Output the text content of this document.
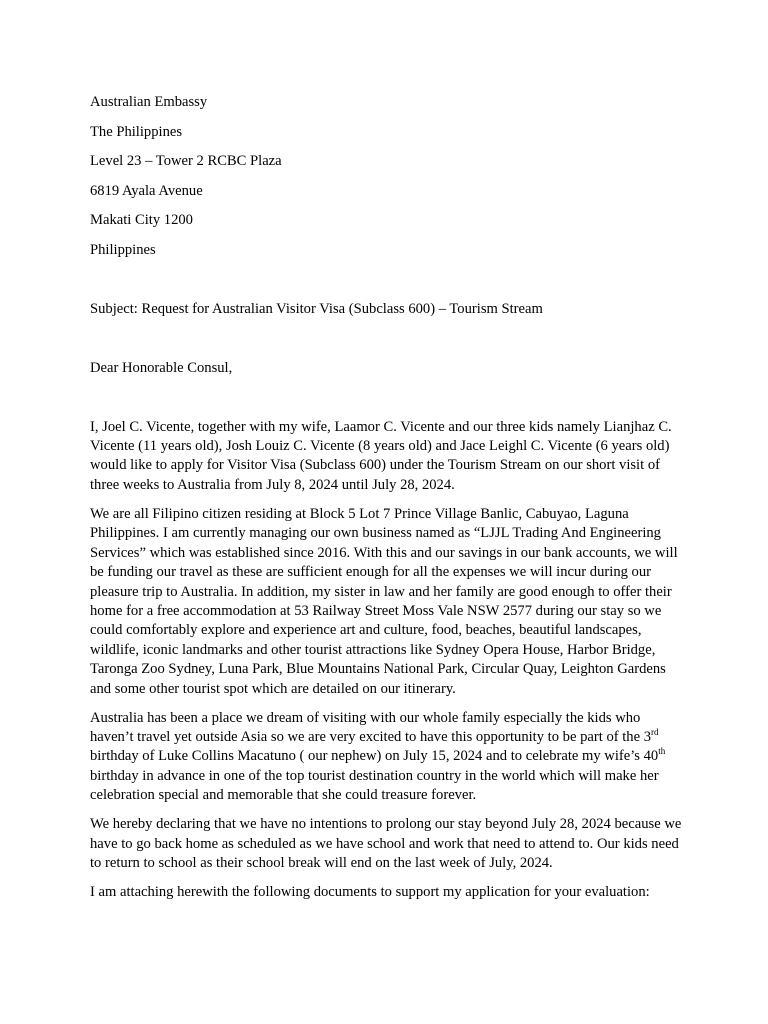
Australian Embassy
The Philippines
Level 23 – Tower 2 RCBC Plaza
6819 Ayala Avenue
Makati City 1200
Philippines

Subject: Request for Australian Visitor Visa (Subclass 600) – Tourism Stream

Dear Honorable Consul,

I, Joel C. Vicente, together with my wife, Laamor C. Vicente and our three kids namely Lianjhaz C. Vicente (11 years old), Josh Louiz C. Vicente (8 years old) and Jace Leighl C. Vicente (6 years old) would like to apply for Visitor Visa (Subclass 600) under the Tourism Stream on our short visit of three weeks to Australia from July 8, 2024 until July 28, 2024.

We are all Filipino citizen residing at Block 5 Lot 7 Prince Village Banlic, Cabuyao, Laguna Philippines. I am currently managing our own business named as “LJJL Trading And Engineering Services” which was established since 2016. With this and our savings in our bank accounts, we will be funding our travel as these are sufficient enough for all the expenses we will incur during our pleasure trip to Australia. In addition, my sister in law and her family are good enough to offer their home for a free accommodation at 53 Railway Street Moss Vale NSW 2577 during our stay so we could comfortably explore and experience art and culture, food, beaches, beautiful landscapes, wildlife, iconic landmarks and other tourist attractions like Sydney Opera House, Harbor Bridge, Taronga Zoo Sydney, Luna Park, Blue Mountains National Park, Circular Quay, Leighton Gardens and some other tourist spot which are detailed on our itinerary.

Australia has been a place we dream of visiting with our whole family especially the kids who haven’t travel yet outside Asia so we are very excited to have this opportunity to be part of the 3rd birthday of Luke Collins Macatuno ( our nephew) on July 15, 2024 and to celebrate my wife’s 40th birthday in advance in one of the top tourist destination country in the world which will make her celebration special and memorable that she could treasure forever.

We hereby declaring that we have no intentions to prolong our stay beyond July 28, 2024 because we have to go back home as scheduled as we have school and work that need to attend to. Our kids need to return to school as their school break will end on the last week of July, 2024.

I am attaching herewith the following documents to support my application for your evaluation:
